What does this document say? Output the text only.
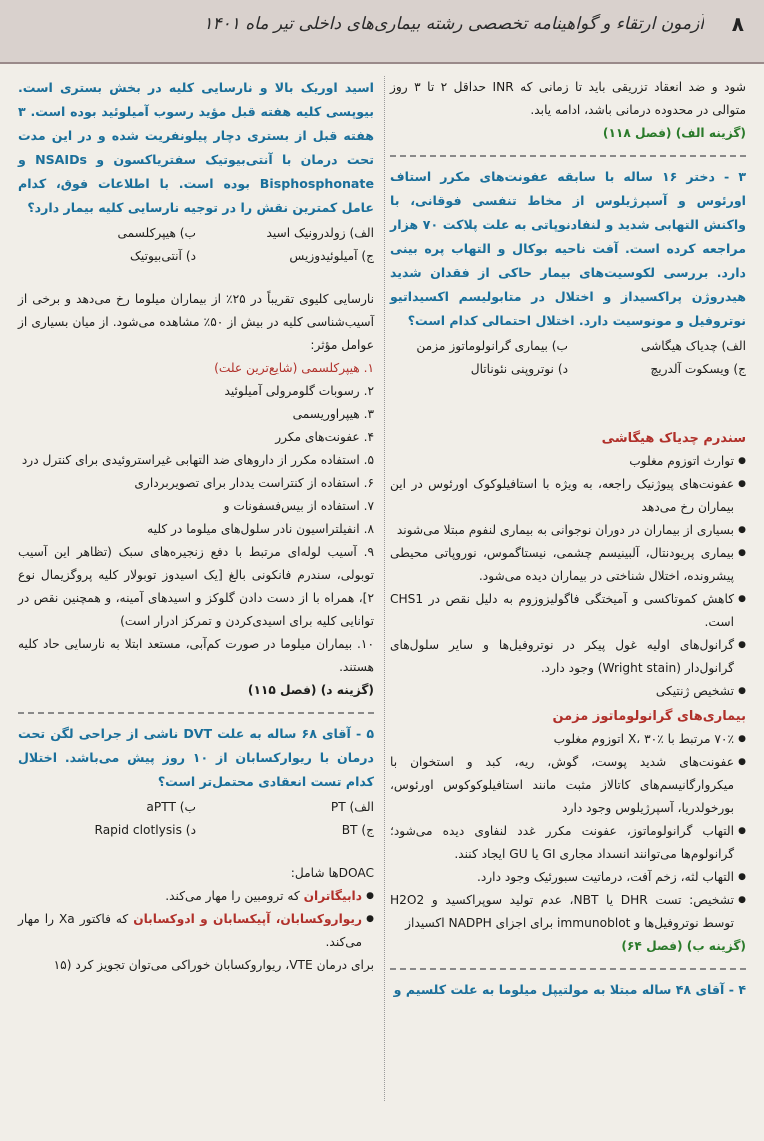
۸
آزمون ارتقاء و گواهینامه تخصصی رشته بیماری‌های داخلی تیر ماه ۱۴۰۱

شود و ضد انعقاد تزریقی باید تا زمانی که INR حداقل ۲ تا ۳ روز متوالی در محدوده درمانی باشد، ادامه یابد.

(گزینه الف) (فصل ۱۱۸)

۳ - دختر ۱۶ ساله با سابقه عفونت‌های مکرر استاف اورئوس و آسپرژیلوس از مخاط تنفسی فوقانی، با واکنش التهابی شدید و لنفادنوپاتی به علت پلاکت ۷۰ هزار مراجعه کرده است. آفت ناحیه بوکال و التهاب پره بینی دارد. بررسی لکوسیت‌های بیمار حاکی از فقدان شدید هیدروژن پراکسیداز و اختلال در متابولیسم اکسیداتیو نوتروفیل و مونوسیت دارد. اختلال احتمالی کدام است؟

الف) چدیاک هیگاشی
ب) بیماری گرانولوماتوز مزمن
ج) ویسکوت آلدریچ
د) نوتروپنی نئوناتال

سندرم چدیاک هیگاشی

● توارث اتوزوم مغلوب
● عفونت‌های پیوژنیک راجعه، به ویژه با استافیلوکوک اورئوس در این بیماران رخ می‌دهد
● بسیاری از بیماران در دوران نوجوانی به بیماری لنفوم مبتلا می‌شوند
● بیماری پریودنتال، آلبینیسم چشمی، نیستاگموس، نوروپاتی محیطی پیشرونده، اختلال شناختی در بیماران دیده می‌شود.
● کاهش کموتاکسی و آمیختگی فاگولیزوزوم به دلیل نقص در CHS1 است.
● گرانول‌های اولیه غول پیکر در نوتروفیل‌ها و سایر سلول‌های گرانول‌دار (Wright stain) وجود دارد.
● تشخیص ژنتیکی

بیماری‌های گرانولوماتوز مزمن

● ۷۰٪ مرتبط با X، ۳۰٪ اتوزوم مغلوب
● عفونت‌های شدید پوست، گوش، ریه، کبد و استخوان با میکروارگانیسم‌های کاتالاز مثبت مانند استافیلوکوکوس اورئوس، بورخولدریا، آسپرژیلوس وجود دارد
● التهاب گرانولوماتوز، عفونت مکرر غدد لنفاوی دیده می‌شود؛ گرانولوم‌ها می‌توانند انسداد مجاری GI یا GU ایجاد کنند.
● التهاب لثه، زخم آفت، درماتیت سبورئیک وجود دارد.
● تشخیص: تست DHR یا NBT، عدم تولید سوپراکسید و H2O2 توسط نوتروفیل‌ها و immunoblot برای اجزای NADPH اکسیداز

(گزینه ب) (فصل ۶۴)

۴ - آقای ۴۸ ساله مبتلا به مولتیپل میلوما به علت کلسیم و

اسید اوریک بالا و نارسایی کلیه در بخش بستری است. بیوپسی کلیه هفته قبل مؤید رسوب آمیلوئید بوده است. ۳ هفته قبل از بستری دچار پیلونفریت شده و در این مدت تحت درمان با آنتی‌بیوتیک سفتریاکسون و NSAIDs و Bisphosphonate بوده است. با اطلاعات فوق، کدام عامل کمترین نقش را در توجیه نارسایی کلیه بیمار دارد؟

الف) زولدرونیک اسید
ب) هیپرکلسمی
ج) آمیلوئیدوزیس
د) آنتی‌بیوتیک

نارسایی کلیوی تقریباً در ۲۵٪ از بیماران میلوما رخ می‌دهد و برخی از آسیب‌شناسی کلیه در بیش از ۵۰٪ مشاهده می‌شود. از میان بسیاری از عوامل مؤثر:

۱. هیپرکلسمی (شایع‌ترین علت)

۲. رسوبات گلومرولی آمیلوئید
۳. هیپراوریسمی
۴. عفونت‌های مکرر
۵. استفاده مکرر از داروهای ضد التهابی غیراستروئیدی برای کنترل درد
۶. استفاده از کنتراست یددار برای تصویربرداری
۷. استفاده از بیس‌فسفونات و
۸. انفیلتراسیون نادر سلول‌های میلوما در کلیه
۹. آسیب لوله‌ای مرتبط با دفع زنجیره‌های سبک (تظاهر این آسیب توبولی، سندرم فانکونی بالغ [یک اسیدوز توبولار کلیه پروگزیمال نوع ۲]، همراه با از دست دادن گلوکز و اسیدهای آمینه، و همچنین نقص در توانایی کلیه برای اسیدی‌کردن و تمرکز ادرار است)
۱۰. بیماران میلوما در صورت کم‌آبی، مستعد ابتلا به نارسایی حاد کلیه هستند.

(گزینه د) (فصل ۱۱۵)

۵ - آقای ۶۸ ساله به علت DVT ناشی از جراحی لگن تحت درمان با ریوارکسابان از ۱۰ روز پیش می‌باشد. اختلال کدام تست انعقادی محتمل‌تر است؟

الف) PT
ب) aPTT
ج) BT
د) Rapid clotlysis

DOACها شامل:

● دابیگاتران که ترومبین را مهار می‌کند.
● ریواروکسابان، آپیکسابان و ادوکسابان که فاکتور Xa را مهار می‌کند.

برای درمان VTE، ریواروکسابان خوراکی می‌توان تجویز کرد (۱۵
